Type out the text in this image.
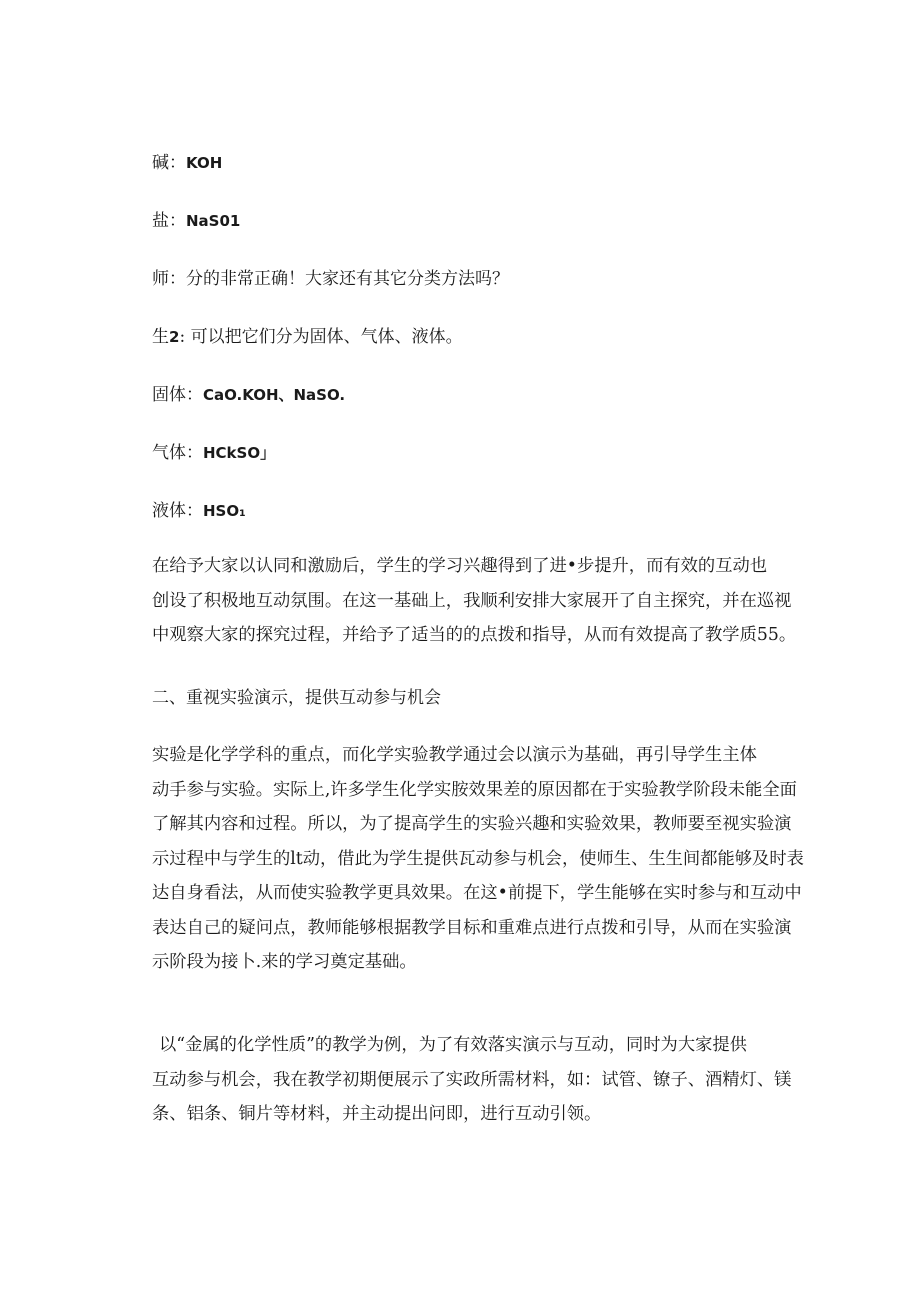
碱：KOH
盐：NaS01
师：分的非常正确！大家还有其它分类方法吗？
生2: 可以把它们分为固体、气体、液体。
固体：CaO.KOH、NaSO.
气体：HCkSO」
液体：HSO₁
在给予大家以认同和激励后，学生的学习兴趣得到了进•步提升，而有效的互动也
创设了积极地互动氛围。在这一基础上，我顺利安排大家展开了自主探究，并在巡视
中观察大家的探究过程，并给予了适当的的点拨和指导，从而有效提高了教学质55。
二、重视实验演示，提供互动参与机会
实验是化学学科的重点，而化学实验教学通过会以演示为基础，再引导学生主体
动手参与实验。实际上,许多学生化学实胺效果差的原因都在于实验教学阶段未能全面
了解其内容和过程。所以，为了提高学生的实验兴趣和实验效果，教师要至视实验演
示过程中与学生的lt动，借此为学生提供瓦动参与机会，使师生、生生间都能够及时表
达自身看法，从而使实验教学更具效果。在这•前提下，学生能够在实时参与和互动中
表达自己的疑问点，教师能够根据教学目标和重难点进行点拨和引导，从而在实验演
示阶段为接卜.来的学习奠定基础。
以“金属的化学性质”的教学为例，为了有效落实演示与互动，同时为大家提供
互动参与机会，我在教学初期便展示了实政所需材料，如：试管、镣子、酒精灯、镁
条、铝条、铜片等材料，并主动提出问即，进行互动引领。
